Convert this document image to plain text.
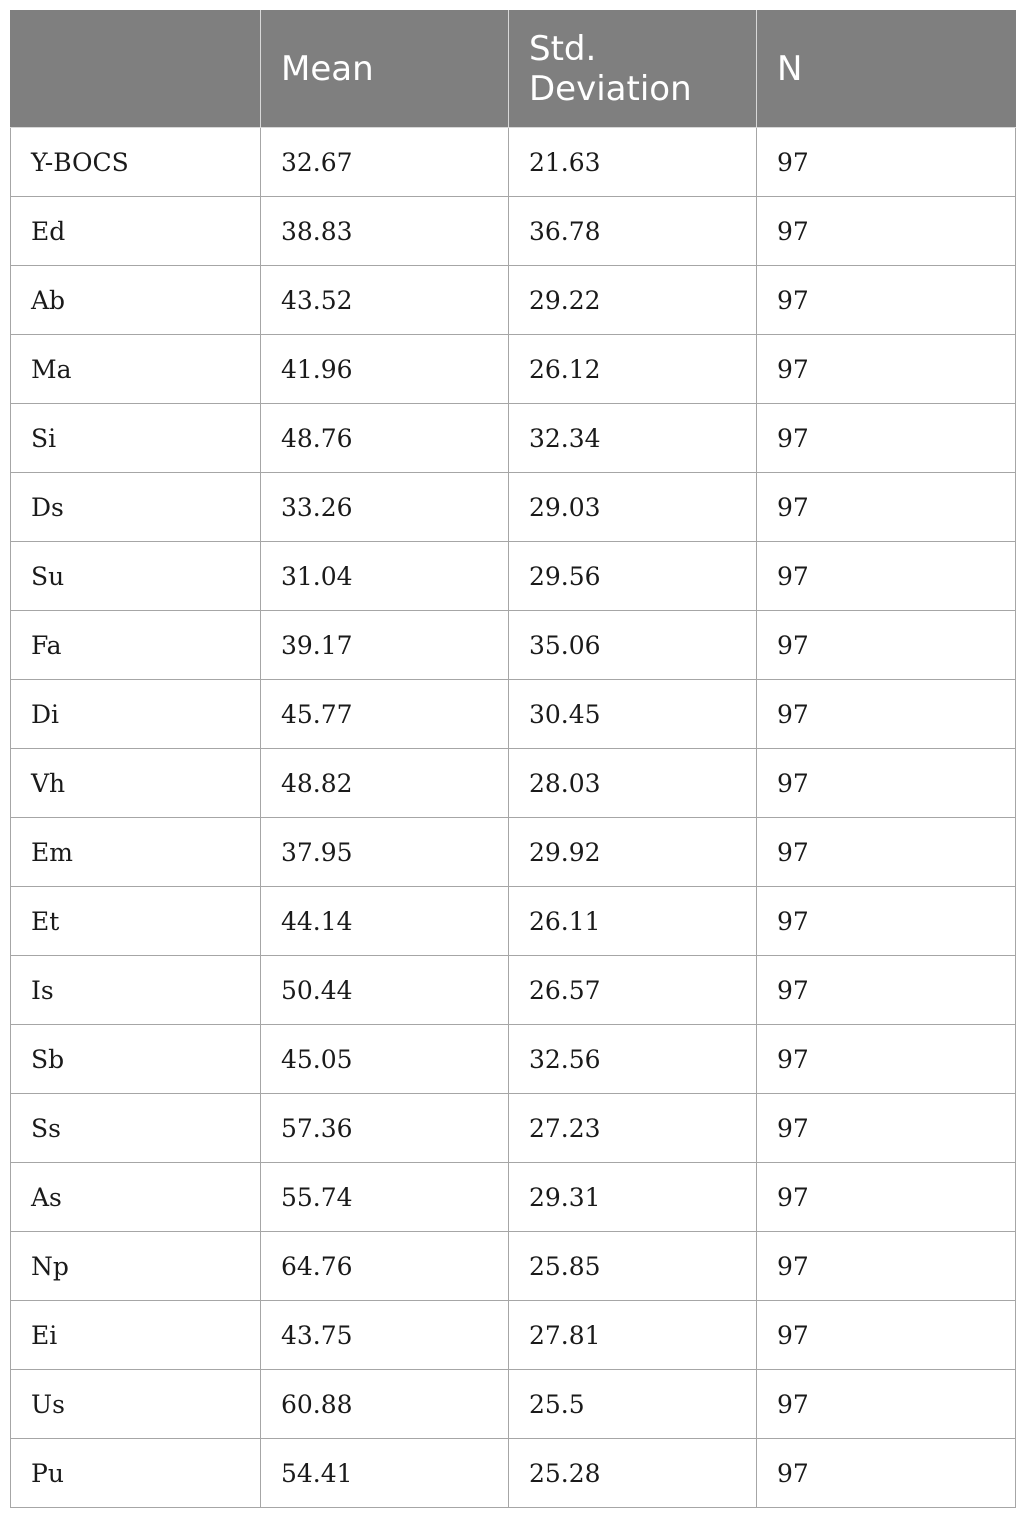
	Mean	Std. Deviation	N
Y-BOCS	32.67	21.63	97
Ed	38.83	36.78	97
Ab	43.52	29.22	97
Ma	41.96	26.12	97
Si	48.76	32.34	97
Ds	33.26	29.03	97
Su	31.04	29.56	97
Fa	39.17	35.06	97
Di	45.77	30.45	97
Vh	48.82	28.03	97
Em	37.95	29.92	97
Et	44.14	26.11	97
Is	50.44	26.57	97
Sb	45.05	32.56	97
Ss	57.36	27.23	97
As	55.74	29.31	97
Np	64.76	25.85	97
Ei	43.75	27.81	97
Us	60.88	25.5	97
Pu	54.41	25.28	97
